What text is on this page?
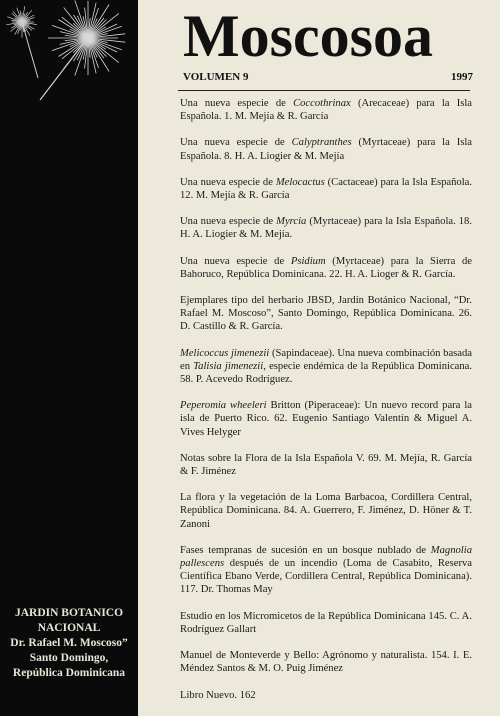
JARDIN BOTANICO
NACIONAL
Dr. Rafael M. Moscoso”
Santo Domingo,
República Dominicana
Moscosoa
VOLUMEN 9	1997
Una nueva especie de Coccothrinax (Arecaceae) para la Isla Española. 1. M. Mejía & R. García
Una nueva especie de Calyptranthes (Myrtaceae) para la Isla Española. 8. H. A. Liogier & M. Mejía
Una nueva especie de Melocactus (Cactaceae) para la Isla Española. 12. M. Mejía & R. García
Una nueva especie de Myrcia (Myrtaceae) para la Isla Española. 18. H. A. Liogier & M. Mejía.
Una nueva especie de Psidium (Myrtaceae) para la Sierra de Bahoruco, República Dominicana. 22. H. A. Lioger & R. García.
Ejemplares tipo del herbario JBSD, Jardín Botánico Nacional, “Dr. Rafael M. Moscoso”, Santo Domingo, República Dominicana. 26. D. Castillo & R. García.
Melicoccus jimenezii (Sapindaceae). Una nueva combinación basada en Talisia jimenezii, especie endémica de la República Dominicana. 58. P. Acevedo Rodríguez.
Peperomia wheeleri Britton (Piperaceae): Un nuevo record para la isla de Puerto Rico. 62. Eugenio Santiago Valentín & Miguel A. Vives Helyger
Notas sobre la Flora de la Isla Española V. 69. M. Mejía, R. García & F. Jiménez
La flora y la vegetación de la Loma Barbacoa, Cordillera Central, República Dominicana. 84. A. Guerrero, F. Jiménez, D. Höner & T. Zanoni
Fases tempranas de sucesión en un bosque nublado de Magnolia pallescens después de un incendio (Loma de Casabito, Reserva Científica Ebano Verde, Cordillera Central, República Dominicana). 117. Dr. Thomas May
Estudio en los Micromicetos de la República Dominicana 145. C. A. Rodríguez Gallart
Manuel de Monteverde y Bello: Agrónomo y naturalista. 154. I. E. Méndez Santos & M. O. Puig Jiménez
Libro Nuevo. 162
